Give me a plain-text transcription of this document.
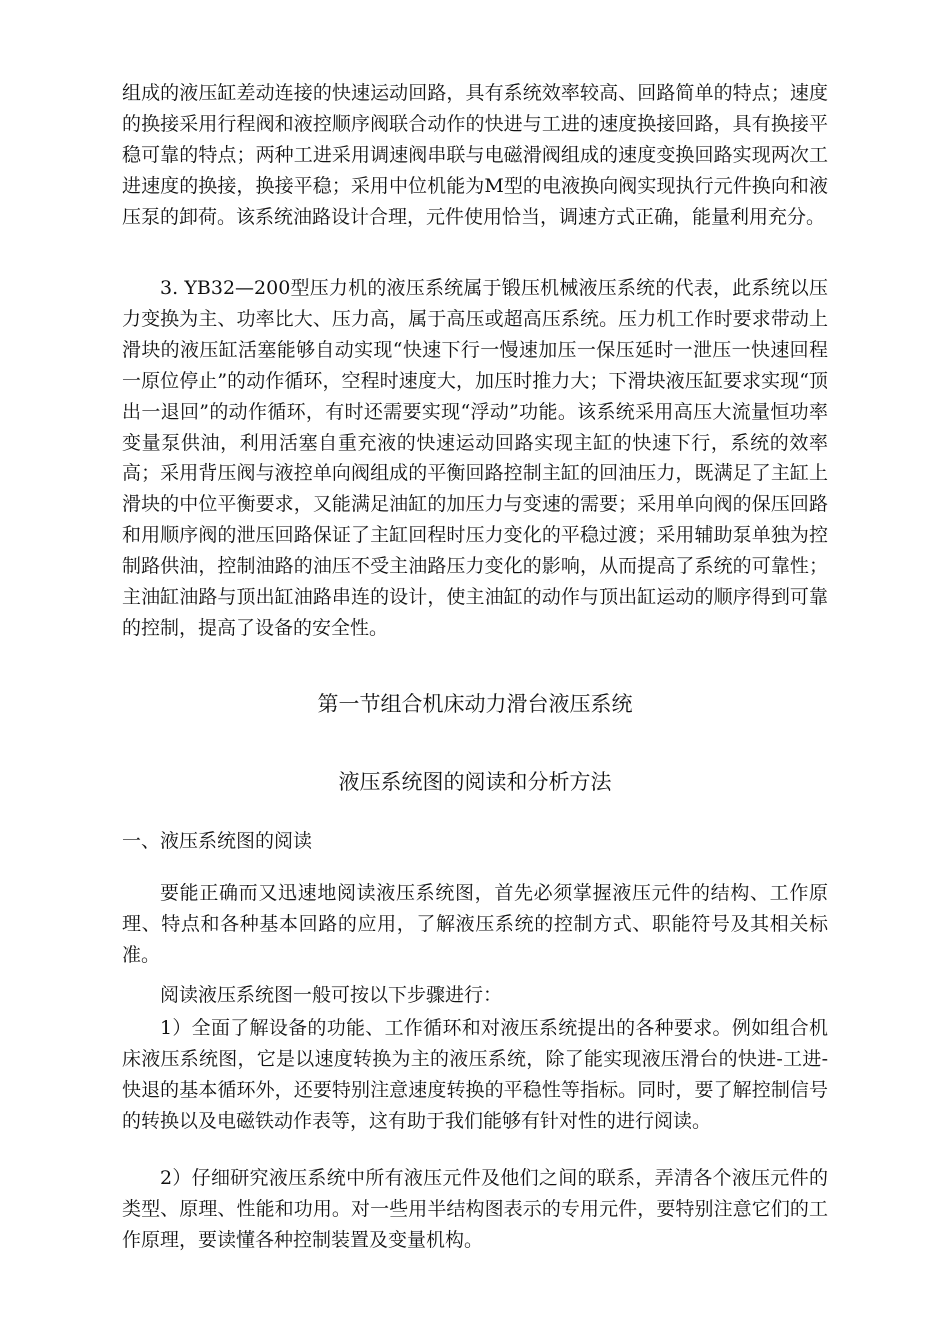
组成的液压缸差动连接的快速运动回路，具有系统效率较高、回路简单的特点；速度的换接采用行程阀和液控顺序阀联合动作的快进与工进的速度换接回路，具有换接平稳可靠的特点；两种工进采用调速阀串联与电磁滑阀组成的速度变换回路实现两次工进速度的换接，换接平稳；采用中位机能为M型的电液换向阀实现执行元件换向和液压泵的卸荷。该系统油路设计合理，元件使用恰当，调速方式正确，能量利用充分。

3. YB32—200型压力机的液压系统属于锻压机械液压系统的代表，此系统以压力变换为主、功率比大、压力高，属于高压或超高压系统。压力机工作时要求带动上滑块的液压缸活塞能够自动实现“快速下行一慢速加压一保压延时一泄压一快速回程一原位停止”的动作循环，空程时速度大，加压时推力大；下滑块液压缸要求实现“顶出一退回”的动作循环，有时还需要实现“浮动”功能。该系统采用高压大流量恒功率变量泵供油，利用活塞自重充液的快速运动回路实现主缸的快速下行，系统的效率高；采用背压阀与液控单向阀组成的平衡回路控制主缸的回油压力，既满足了主缸上滑块的中位平衡要求，又能满足油缸的加压力与变速的需要；采用单向阀的保压回路和用顺序阀的泄压回路保证了主缸回程时压力变化的平稳过渡；采用辅助泵单独为控制路供油，控制油路的油压不受主油路压力变化的影响，从而提高了系统的可靠性；主油缸油路与顶出缸油路串连的设计，使主油缸的动作与顶出缸运动的顺序得到可靠的控制，提高了设备的安全性。

第一节组合机床动力滑台液压系统
液压系统图的阅读和分析方法
一、液压系统图的阅读

要能正确而又迅速地阅读液压系统图，首先必须掌握液压元件的结构、工作原理、特点和各种基本回路的应用，了解液压系统的控制方式、职能符号及其相关标准。

阅读液压系统图一般可按以下步骤进行：

1）全面了解设备的功能、工作循环和对液压系统提出的各种要求。例如组合机床液压系统图，它是以速度转换为主的液压系统，除了能实现液压滑台的快进-工进-快退的基本循环外，还要特别注意速度转换的平稳性等指标。同时，要了解控制信号的转换以及电磁铁动作表等，这有助于我们能够有针对性的进行阅读。

2）仔细研究液压系统中所有液压元件及他们之间的联系，弄清各个液压元件的类型、原理、性能和功用。对一些用半结构图表示的专用元件，要特别注意它们的工作原理，要读懂各种控制装置及变量机构。
